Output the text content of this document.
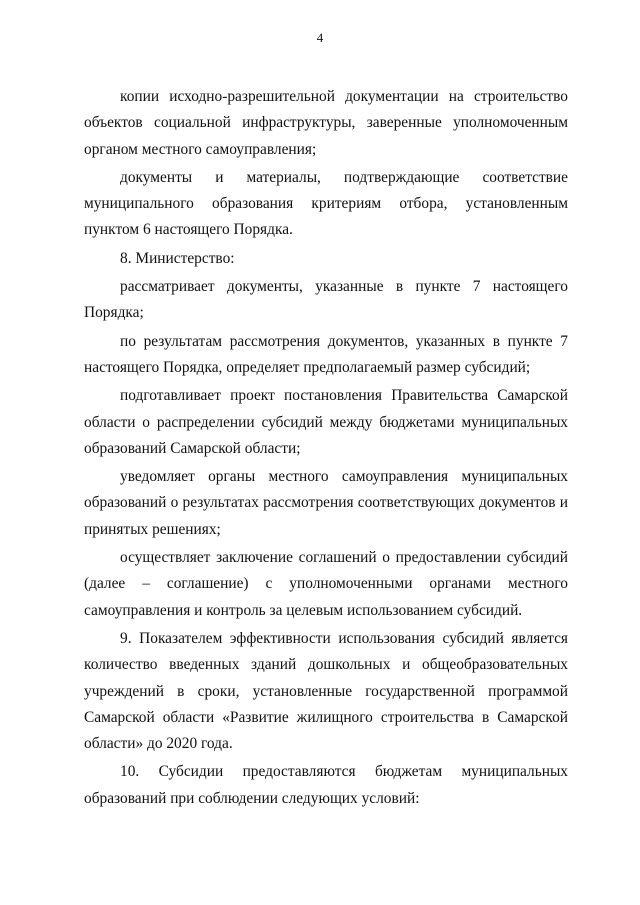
4

копии исходно-разрешительной документации на строительство объектов социальной инфраструктуры, заверенные уполномоченным органом местного самоуправления;

документы и материалы, подтверждающие соответствие муниципального образования критериям отбора, установленным пунктом 6 настоящего Порядка.

8. Министерство:

рассматривает документы, указанные в пункте 7 настоящего Порядка;

по результатам рассмотрения документов, указанных в пункте 7 настоящего Порядка, определяет предполагаемый размер субсидий;

подготавливает проект постановления Правительства Самарской области о распределении субсидий между бюджетами муниципальных образований Самарской области;

уведомляет органы местного самоуправления муниципальных образований о результатах рассмотрения соответствующих документов и принятых решениях;

осуществляет заключение соглашений о предоставлении субсидий (далее – соглашение) с уполномоченными органами местного самоуправления и контроль за целевым использованием субсидий.

9. Показателем эффективности использования субсидий является количество введенных зданий дошкольных и общеобразовательных учреждений в сроки, установленные государственной программой Самарской области «Развитие жилищного строительства в Самарской области» до 2020 года.

10. Субсидии предоставляются бюджетам муниципальных образований при соблюдении следующих условий:
